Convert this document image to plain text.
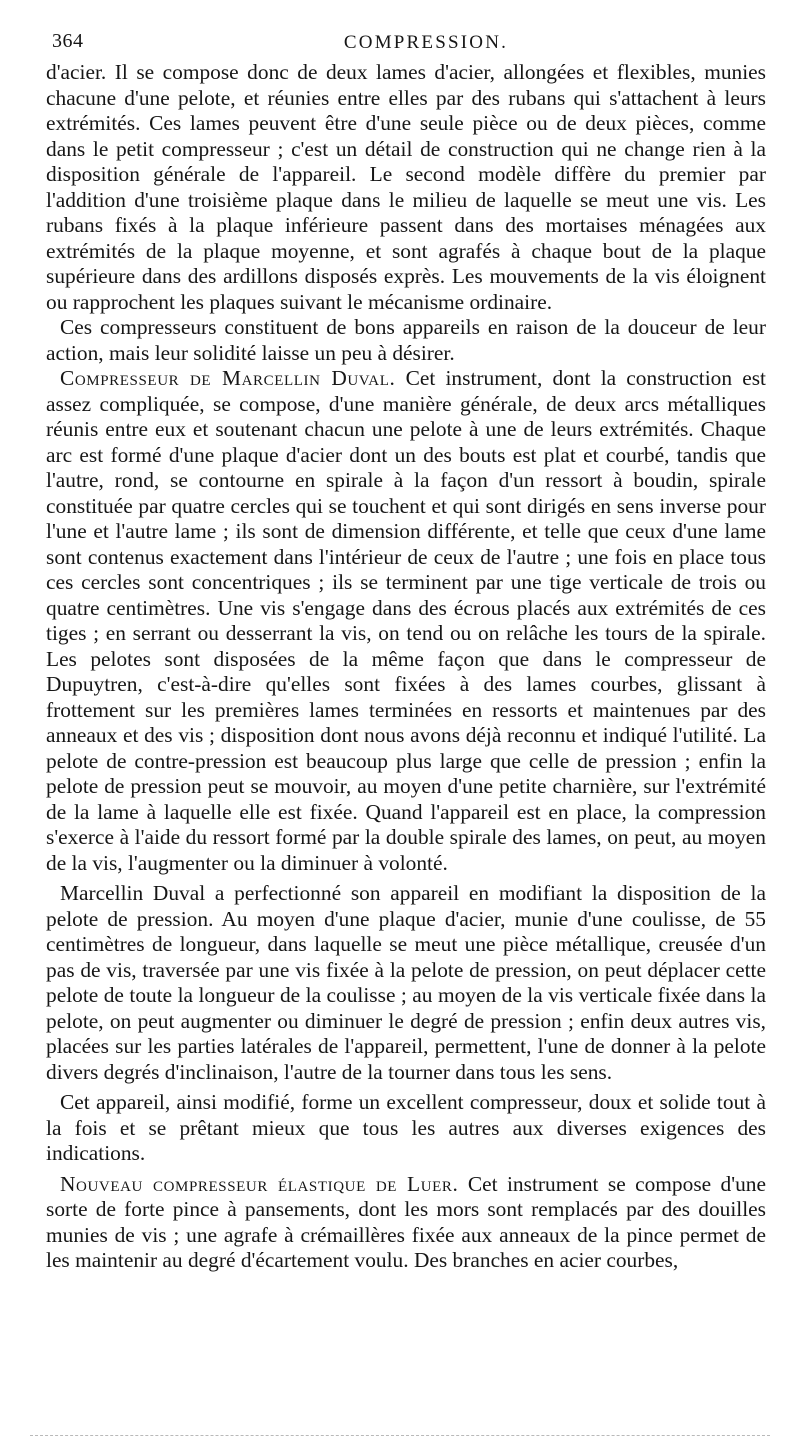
364	COMPRESSION.

d'acier. Il se compose donc de deux lames d'acier, allongées et flexibles, munies chacune d'une pelote, et réunies entre elles par des rubans qui s'attachent à leurs extrémités. Ces lames peuvent être d'une seule pièce ou de deux pièces, comme dans le petit compresseur ; c'est un détail de construction qui ne change rien à la disposition générale de l'appareil. Le second modèle diffère du premier par l'addition d'une troisième plaque dans le milieu de laquelle se meut une vis. Les rubans fixés à la plaque inférieure passent dans des mortaises ménagées aux extrémités de la plaque moyenne, et sont agrafés à chaque bout de la plaque supérieure dans des ardillons disposés exprès. Les mouvements de la vis éloignent ou rapprochent les plaques suivant le mécanisme ordinaire.

Ces compresseurs constituent de bons appareils en raison de la douceur de leur action, mais leur solidité laisse un peu à désirer.

Compresseur de Marcellin Duval. Cet instrument, dont la construction est assez compliquée, se compose, d'une manière générale, de deux arcs métalliques réunis entre eux et soutenant chacun une pelote à une de leurs extrémités. Chaque arc est formé d'une plaque d'acier dont un des bouts est plat et courbé, tandis que l'autre, rond, se contourne en spirale à la façon d'un ressort à boudin, spirale constituée par quatre cercles qui se touchent et qui sont dirigés en sens inverse pour l'une et l'autre lame ; ils sont de dimension différente, et telle que ceux d'une lame sont contenus exactement dans l'intérieur de ceux de l'autre ; une fois en place tous ces cercles sont concentriques ; ils se terminent par une tige verticale de trois ou quatre centimètres. Une vis s'engage dans des écrous placés aux extrémités de ces tiges ; en serrant ou desserrant la vis, on tend ou on relâche les tours de la spirale. Les pelotes sont disposées de la même façon que dans le compresseur de Dupuytren, c'est-à-dire qu'elles sont fixées à des lames courbes, glissant à frottement sur les premières lames terminées en ressorts et maintenues par des anneaux et des vis ; disposition dont nous avons déjà reconnu et indiqué l'utilité. La pelote de contre-pression est beaucoup plus large que celle de pression ; enfin la pelote de pression peut se mouvoir, au moyen d'une petite charnière, sur l'extrémité de la lame à laquelle elle est fixée. Quand l'appareil est en place, la compression s'exerce à l'aide du ressort formé par la double spirale des lames, on peut, au moyen de la vis, l'augmenter ou la diminuer à volonté.

Marcellin Duval a perfectionné son appareil en modifiant la disposition de la pelote de pression. Au moyen d'une plaque d'acier, munie d'une coulisse, de 55 centimètres de longueur, dans laquelle se meut une pièce métallique, creusée d'un pas de vis, traversée par une vis fixée à la pelote de pression, on peut déplacer cette pelote de toute la longueur de la coulisse ; au moyen de la vis verticale fixée dans la pelote, on peut augmenter ou diminuer le degré de pression ; enfin deux autres vis, placées sur les parties latérales de l'appareil, permettent, l'une de donner à la pelote divers degrés d'inclinaison, l'autre de la tourner dans tous les sens.

Cet appareil, ainsi modifié, forme un excellent compresseur, doux et solide tout à la fois et se prêtant mieux que tous les autres aux diverses exigences des indications.

Nouveau compresseur élastique de Luer. Cet instrument se compose d'une sorte de forte pince à pansements, dont les mors sont remplacés par des douilles munies de vis ; une agrafe à crémaillères fixée aux anneaux de la pince permet de les maintenir au degré d'écartement voulu. Des branches en acier courbes,
